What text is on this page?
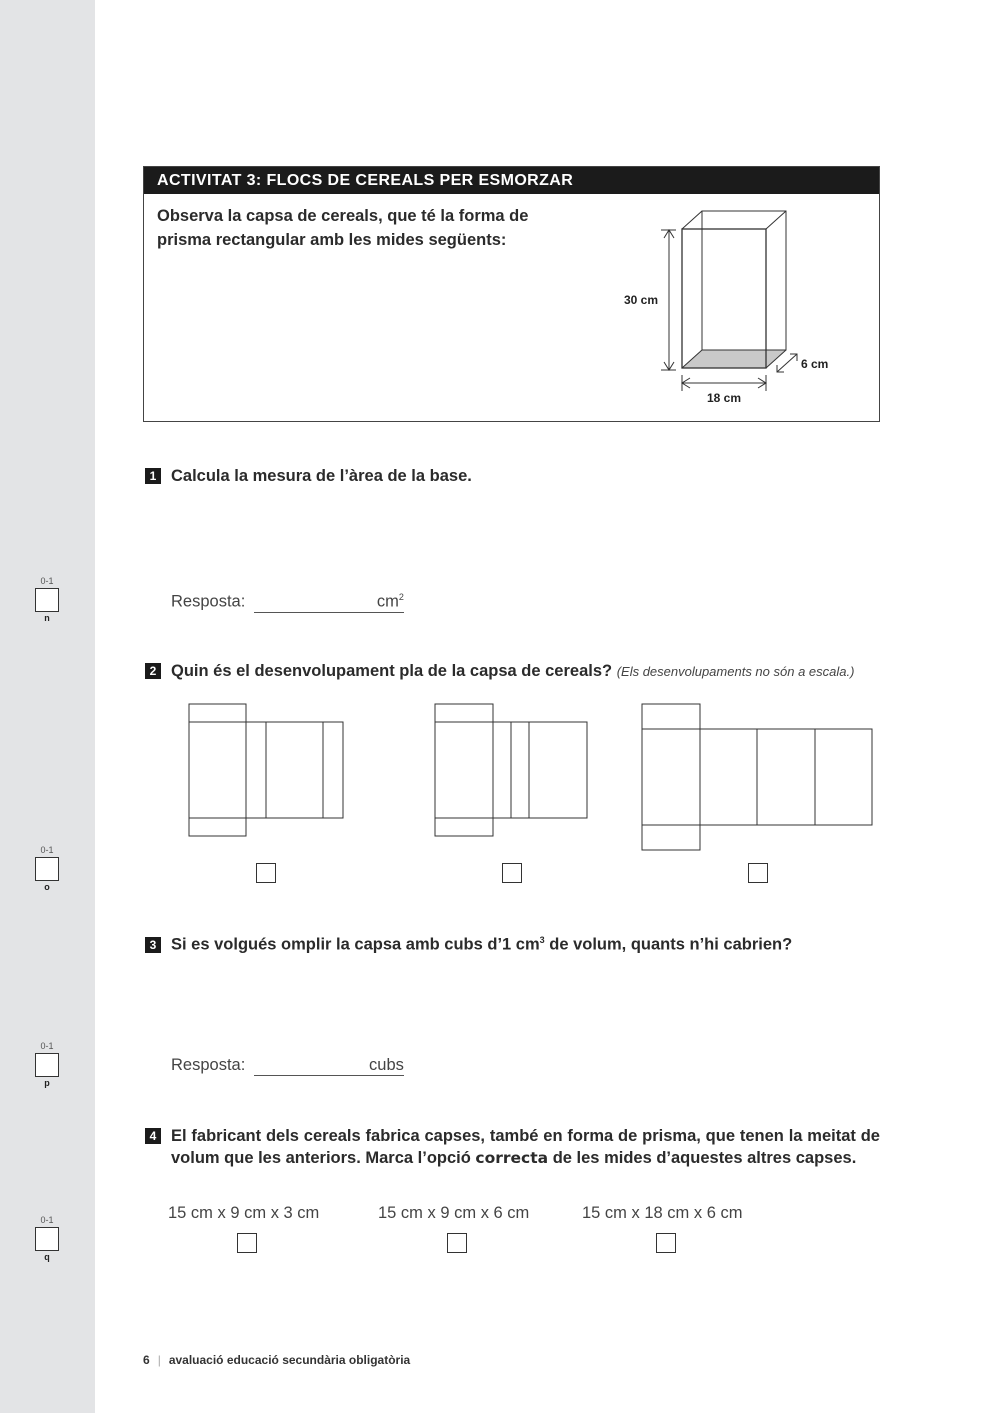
0-1
n
0-1
o
0-1
p
0-1
q
ACTIVITAT 3: FLOCS DE CEREALS PER ESMORZAR
Observa la capsa de cereals, que té la forma de prisma rectangular amb les mides següents:
30 cm
18 cm
6 cm
1 Calcula la mesura de l’àrea de la base.
Resposta:	$cm^2$
2 Quin és el desenvolupament pla de la capsa de cereals? (Els desenvolupaments no són a escala.)
3 Si es volgués omplir la capsa amb cubs d’1 $cm^3$ de volum, quants n’hi cabrien?
Resposta:	cubs
4 El fabricant dels cereals fabrica capses, també en forma de prisma, que tenen la meitat de volum que les anteriors. Marca l’opció correcta de les mides d’aquestes altres capses.
15 cm x 9 cm x 3 cm	15 cm x 9 cm x 6 cm	15 cm x 18 cm x 6 cm
6 | avaluació educació secundària obligatòria
